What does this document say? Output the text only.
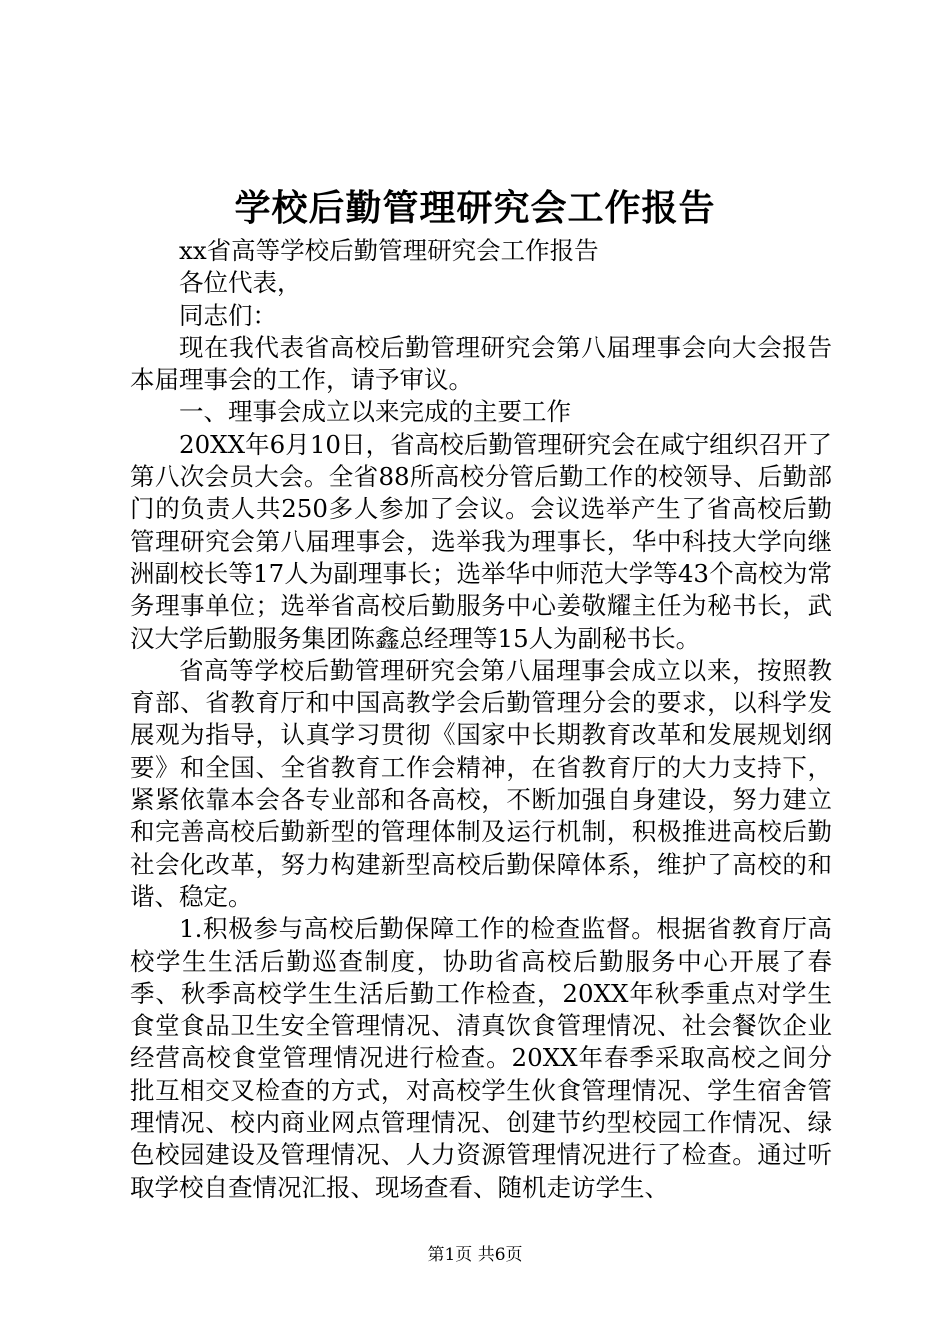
学校后勤管理研究会工作报告

xx省高等学校后勤管理研究会工作报告

各位代表，

同志们：

现在我代表省高校后勤管理研究会第八届理事会向大会报告本届理事会的工作，请予审议。

一、理事会成立以来完成的主要工作

20XX年6月10日，省高校后勤管理研究会在咸宁组织召开了第八次会员大会。全省88所高校分管后勤工作的校领导、后勤部门的负责人共250多人参加了会议。会议选举产生了省高校后勤管理研究会第八届理事会，选举我为理事长，华中科技大学向继洲副校长等17人为副理事长；选举华中师范大学等43个高校为常务理事单位；选举省高校后勤服务中心姜敬耀主任为秘书长，武汉大学后勤服务集团陈鑫总经理等15人为副秘书长。

省高等学校后勤管理研究会第八届理事会成立以来，按照教育部、省教育厅和中国高教学会后勤管理分会的要求，以科学发展观为指导，认真学习贯彻《国家中长期教育改革和发展规划纲要》和全国、全省教育工作会精神，在省教育厅的大力支持下，紧紧依靠本会各专业部和各高校，不断加强自身建设，努力建立和完善高校后勤新型的管理体制及运行机制，积极推进高校后勤社会化改革，努力构建新型高校后勤保障体系，维护了高校的和谐、稳定。

1.积极参与高校后勤保障工作的检查监督。根据省教育厅高校学生生活后勤巡查制度，协助省高校后勤服务中心开展了春季、秋季高校学生生活后勤工作检查，20XX年秋季重点对学生食堂食品卫生安全管理情况、清真饮食管理情况、社会餐饮企业经营高校食堂管理情况进行检查。20XX年春季采取高校之间分批互相交叉检查的方式，对高校学生伙食管理情况、学生宿舍管理情况、校内商业网点管理情况、创建节约型校园工作情况、绿色校园建设及管理情况、人力资源管理情况进行了检查。通过听取学校自查情况汇报、现场查看、随机走访学生、

第1页 共6页
